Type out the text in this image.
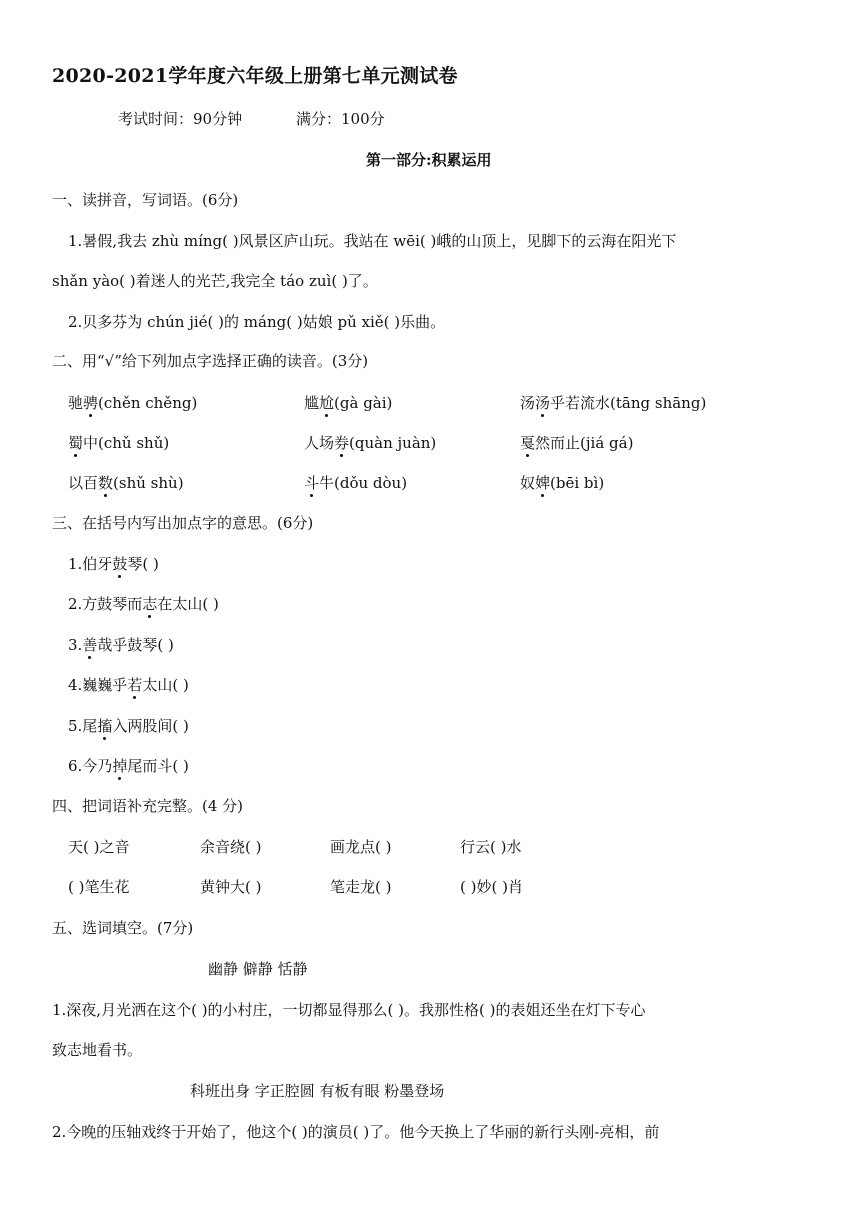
2020-2021学年度六年级上册第七单元测试卷
考试时间：90分钟	满分：100分
第一部分:积累运用
一、读拼音，写词语。(6分)
1.暑假,我去 zhù míng( )风景区庐山玩。我站在 wēi( )峨的山顶上，见脚下的云海在阳光下
shǎn yào( )着迷人的光芒,我完全 táo zuì( )了。
2.贝多芬为 chún jié( )的 máng( )姑娘 pǔ xiě( )乐曲。
二、用“√”给下列加点字选择正确的读音。(3分)
驰骋(chěn chěng)	尴尬(gà gài)	汤汤乎若流水(tāng shāng)
蜀中(chǔ shǔ)	人场券(quàn juàn)	戛然而止(jiá gá)
以百数(shǔ shù)	斗牛(dǒu dòu)	奴婢(bēi bì)
三、在括号内写出加点字的意思。(6分)
1.伯牙鼓琴( )
2.方鼓琴而志在太山( )
3.善哉乎鼓琴( )
4.巍巍乎若太山( )
5.尾搐入两股间( )
6.今乃掉尾而斗( )
四、把词语补充完整。(4 分)
天( )之音	余音绕( )	画龙点( )	行云( )水
( )笔生花	黄钟大( )	笔走龙( )	( )妙( )肖
五、选词填空。(7分)
幽静 僻静 恬静
1.深夜,月光洒在这个( )的小村庄，一切都显得那么( )。我那性格( )的表姐还坐在灯下专心
致志地看书。
科班出身 字正腔圆 有板有眼 粉墨登场
2.今晚的压轴戏终于开始了，他这个( )的演员( )了。他今天换上了华丽的新行头刚-亮相，前
